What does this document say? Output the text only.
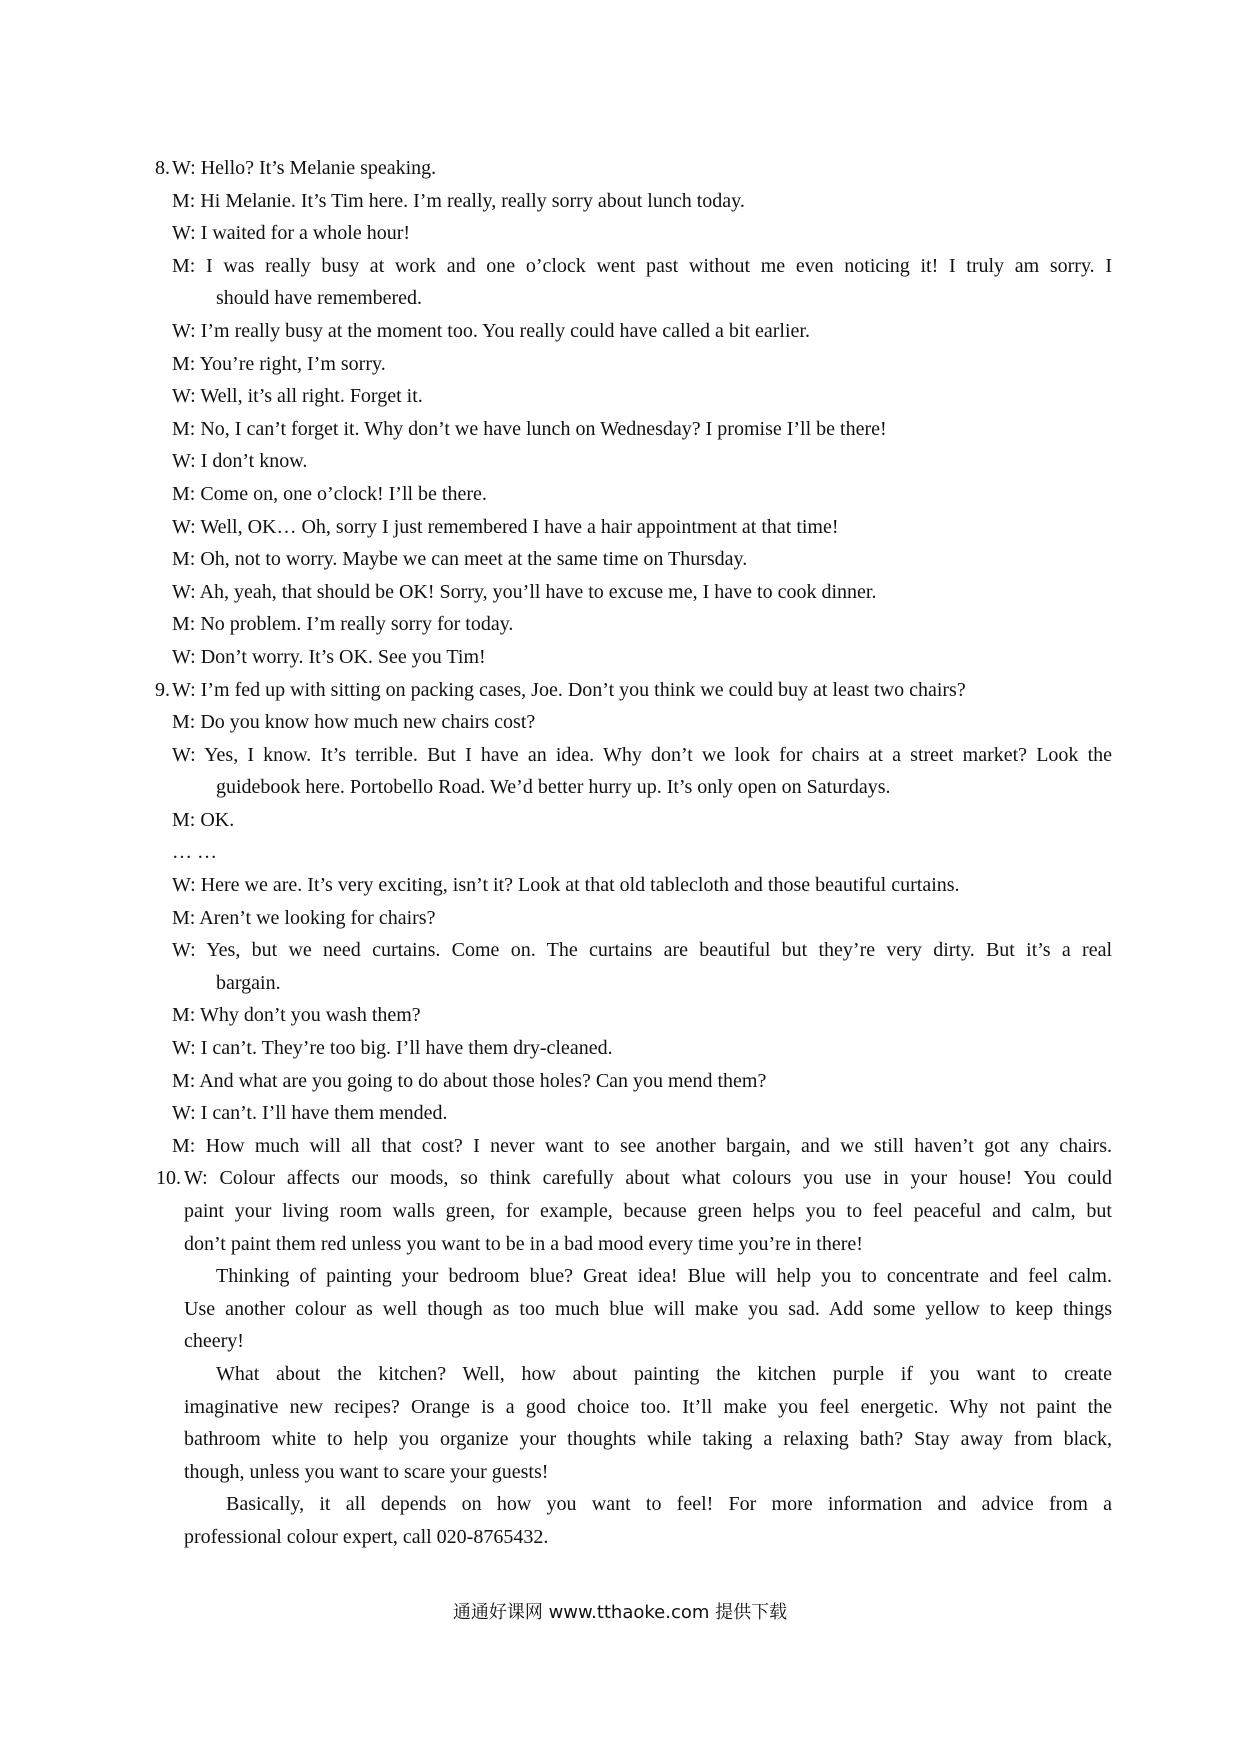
8. W: Hello? It’s Melanie speaking.
M: Hi Melanie. It’s Tim here. I’m really, really sorry about lunch today.
W: I waited for a whole hour!
M: I was really busy at work and one o’clock went past without me even noticing it! I truly am sorry. I
should have remembered.
W: I’m really busy at the moment too. You really could have called a bit earlier.
M: You’re right, I’m sorry.
W: Well, it’s all right. Forget it.
M: No, I can’t forget it. Why don’t we have lunch on Wednesday? I promise I’ll be there!
W: I don’t know.
M: Come on, one o’clock! I’ll be there.
W: Well, OK… Oh, sorry I just remembered I have a hair appointment at that time!
M: Oh, not to worry. Maybe we can meet at the same time on Thursday.
W: Ah, yeah, that should be OK! Sorry, you’ll have to excuse me, I have to cook dinner.
M: No problem. I’m really sorry for today.
W: Don’t worry. It’s OK. See you Tim!
9. W: I’m fed up with sitting on packing cases, Joe. Don’t you think we could buy at least two chairs?
M: Do you know how much new chairs cost?
W: Yes, I know. It’s terrible. But I have an idea. Why don’t we look for chairs at a street market? Look the
guidebook here. Portobello Road. We’d better hurry up. It’s only open on Saturdays.
M: OK.
… …
W: Here we are. It’s very exciting, isn’t it? Look at that old tablecloth and those beautiful curtains.
M: Aren’t we looking for chairs?
W: Yes, but we need curtains. Come on. The curtains are beautiful but they’re very dirty. But it’s a real
bargain.
M: Why don’t you wash them?
W: I can’t. They’re too big. I’ll have them dry-cleaned.
M: And what are you going to do about those holes? Can you mend them?
W: I can’t. I’ll have them mended.
M: How much will all that cost? I never want to see another bargain, and we still haven’t got any chairs.
10. W: Colour affects our moods, so think carefully about what colours you use in your house! You could
paint your living room walls green, for example, because green helps you to feel peaceful and calm, but
don’t paint them red unless you want to be in a bad mood every time you’re in there!
Thinking of painting your bedroom blue? Great idea! Blue will help you to concentrate and feel calm.
Use another colour as well though as too much blue will make you sad. Add some yellow to keep things
cheery!
What about the kitchen? Well, how about painting the kitchen purple if you want to create
imaginative new recipes? Orange is a good choice too. It’ll make you feel energetic. Why not paint the
bathroom white to help you organize your thoughts while taking a relaxing bath? Stay away from black,
though, unless you want to scare your guests!
Basically, it all depends on how you want to feel! For more information and advice from a
professional colour expert, call 020-8765432.
通通好课网 www.tthaoke.com 提供下载
